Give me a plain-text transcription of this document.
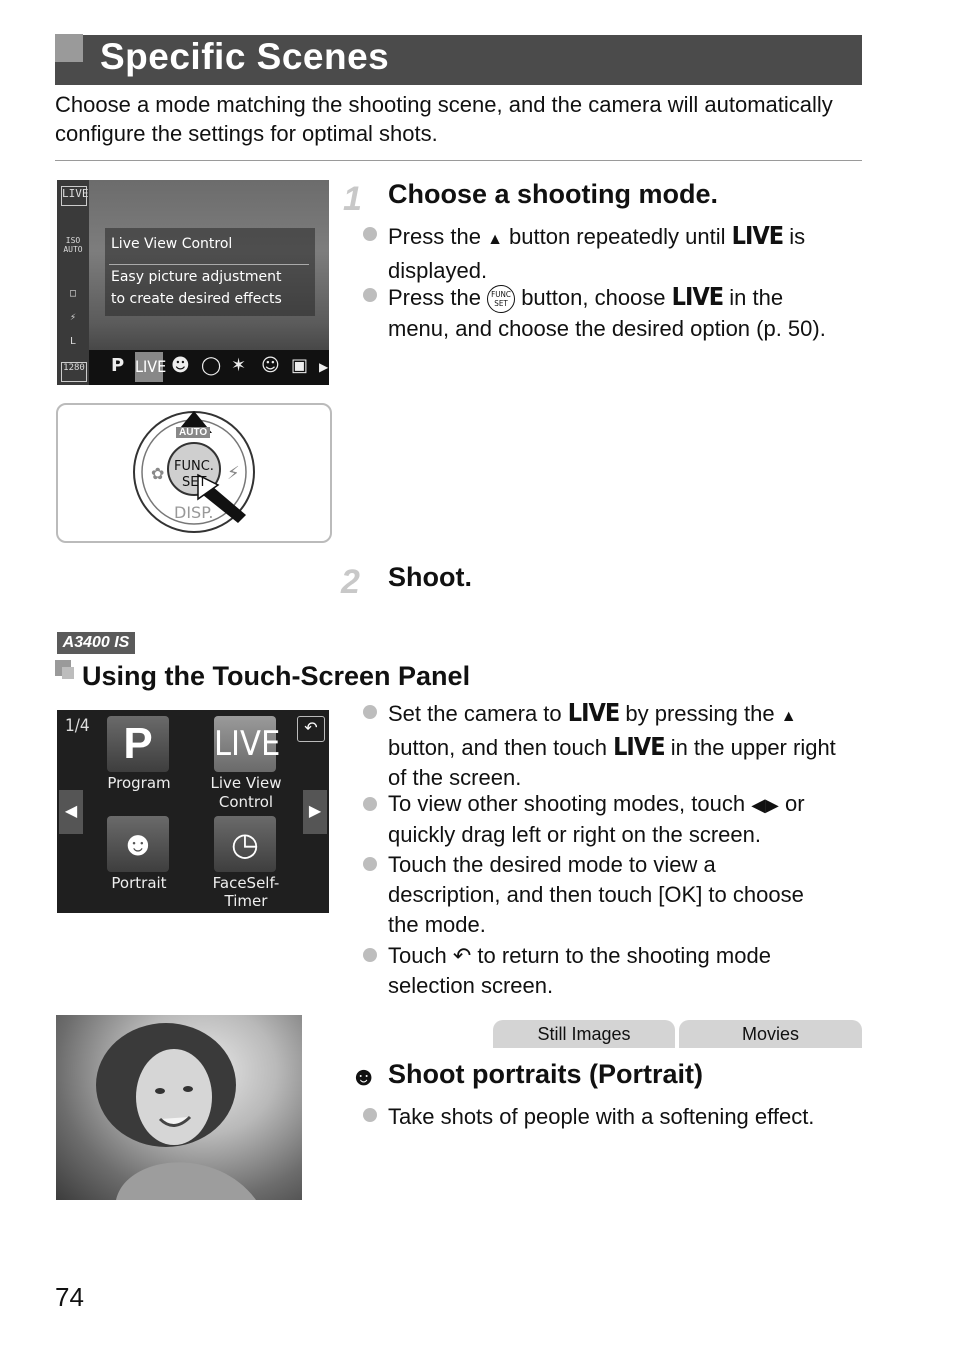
Specific Scenes
Choose a mode matching the shooting scene, and the camera will automatically configure the settings for optimal shots.
LIVE
ISO AUTO
□
⚡
L
1280
Live View Control
Easy picture adjustment
to create desired effects
P LIVE ☻ ◯ ✶ ☺ ▣ ▶
✿	⚡
AUTO
FUNC.
SET
DISP.
1 Choose a shooting mode.
Press the ▲ button repeatedly until LIVE is
displayed.
Press the FUNC
SET button, choose LIVE in the
menu, and choose the desired option (p. 50).
2 Shoot.
A3400 IS
Using the Touch-Screen Panel
1/4	↶
P
Program
LIVE
Live View
Control
◀	▶
☻
Portrait
◷
FaceSelf-Timer
Set the camera to LIVE by pressing the ▲
button, and then touch LIVE in the upper right
of the screen.
To view other shooting modes, touch ◀▶ or
quickly drag left or right on the screen.
Touch the desired mode to view a
description, and then touch [OK] to choose
the mode.
Touch ↶ to return to the shooting mode
selection screen.
Still Images	Movies
☻ Shoot portraits (Portrait)
Take shots of people with a softening effect.
74
